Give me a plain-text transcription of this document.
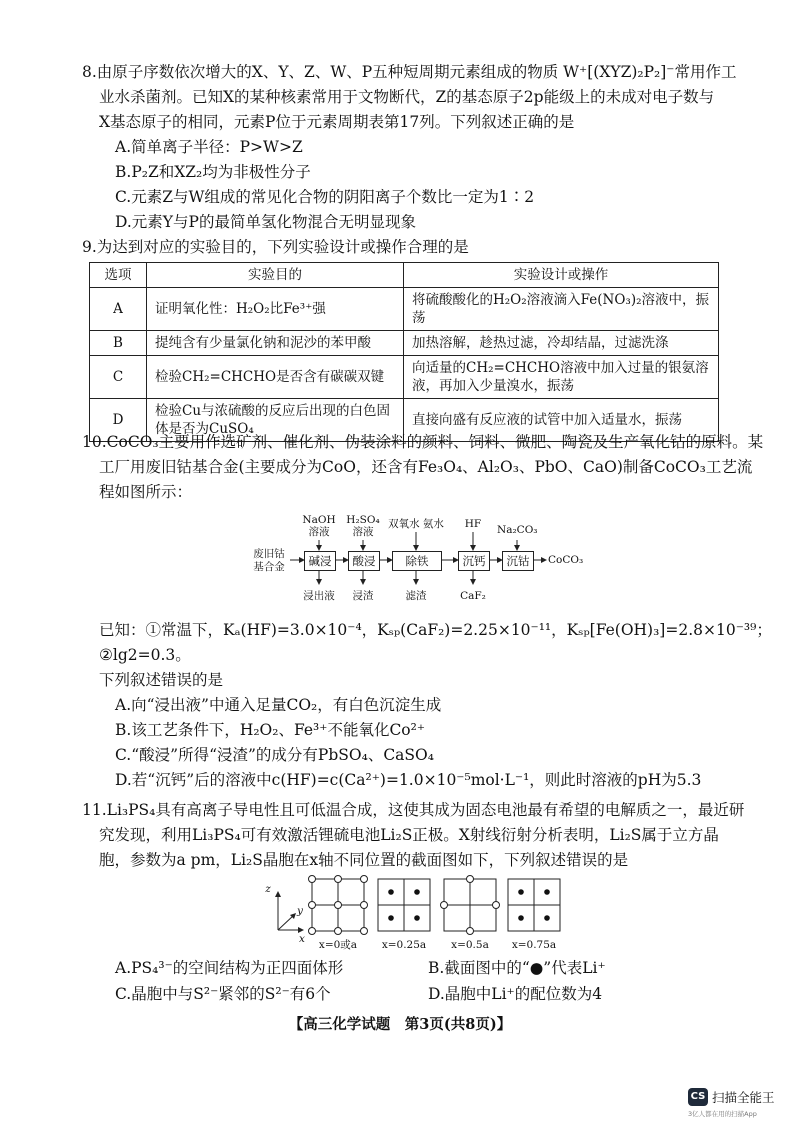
8.由原子序数依次增大的X、Y、Z、W、P五种短周期元素组成的物质 W⁺[(XYZ)₂P₂]⁻常用作工
业水杀菌剂。已知X的某种核素常用于文物断代，Z的基态原子2p能级上的未成对电子数与
X基态原子的相同，元素P位于元素周期表第17列。下列叙述正确的是
A.简单离子半径：P>W>Z
B.P₂Z和XZ₂均为非极性分子
C.元素Z与W组成的常见化合物的阴阳离子个数比一定为1∶2
D.元素Y与P的最简单氢化物混合无明显现象
9.为达到对应的实验目的，下列实验设计或操作合理的是
选项	实验目的	实验设计或操作
A	证明氧化性：H₂O₂比Fe³⁺强	将硫酸酸化的H₂O₂溶液滴入Fe(NO₃)₂溶液中，振荡
B	提纯含有少量氯化钠和泥沙的苯甲酸	加热溶解，趁热过滤，冷却结晶，过滤洗涤
C	检验CH₂=CHCHO是否含有碳碳双键	向适量的CH₂=CHCHO溶液中加入过量的银氨溶液，再加入少量溴水，振荡
D	检验Cu与浓硫酸的反应后出现的白色固体是否为CuSO₄	直接向盛有反应液的试管中加入适量水，振荡
10.CoCO₃主要用作选矿剂、催化剂、伪装涂料的颜料、饲料、微肥、陶瓷及生产氧化钴的原料。某
工厂用废旧钴基合金(主要成分为CoO，还含有Fe₃O₄、Al₂O₃、PbO、CaO)制备CoCO₃工艺流
程如图所示：
废旧钴
基合金	碱浸	酸浸	除铁	沉钙	沉钴	CoCO₃
NaOH 溶液
H₂SO₄ 溶液
双氧水 氨水	HF	Na₂CO₃
浸出液	浸渣	滤渣	CaF₂
已知：①常温下，Kₐ(HF)=3.0×10⁻⁴，Kₛₚ(CaF₂)=2.25×10⁻¹¹，Kₛₚ[Fe(OH)₃]=2.8×10⁻³⁹；
②lg2=0.3。
下列叙述错误的是
A.向“浸出液”中通入足量CO₂，有白色沉淀生成
B.该工艺条件下，H₂O₂、Fe³⁺不能氧化Co²⁺
C.“酸浸”所得“浸渣”的成分有PbSO₄、CaSO₄
D.若“沉钙”后的溶液中c(HF)=c(Ca²⁺)=1.0×10⁻⁵mol·L⁻¹，则此时溶液的pH为5.3
11.Li₃PS₄具有高离子导电性且可低温合成，这使其成为固态电池最有希望的电解质之一，最近研
究发现，利用Li₃PS₄可有效激活锂硫电池Li₂S正极。X射线衍射分析表明，Li₂S属于立方晶
胞，参数为a pm，Li₂S晶胞在x轴不同位置的截面图如下，下列叙述错误的是
z
y
x	x=0或a	x=0.25a	x=0.5a	x=0.75a
A.PS₄³⁻的空间结构为正四面体形	B.截面图中的“●”代表Li⁺
C.晶胞中与S²⁻紧邻的S²⁻有6个	D.晶胞中Li⁺的配位数为4
【高三化学试题　第3页(共8页)】
CS 扫描全能王
3亿人都在用的扫描App
